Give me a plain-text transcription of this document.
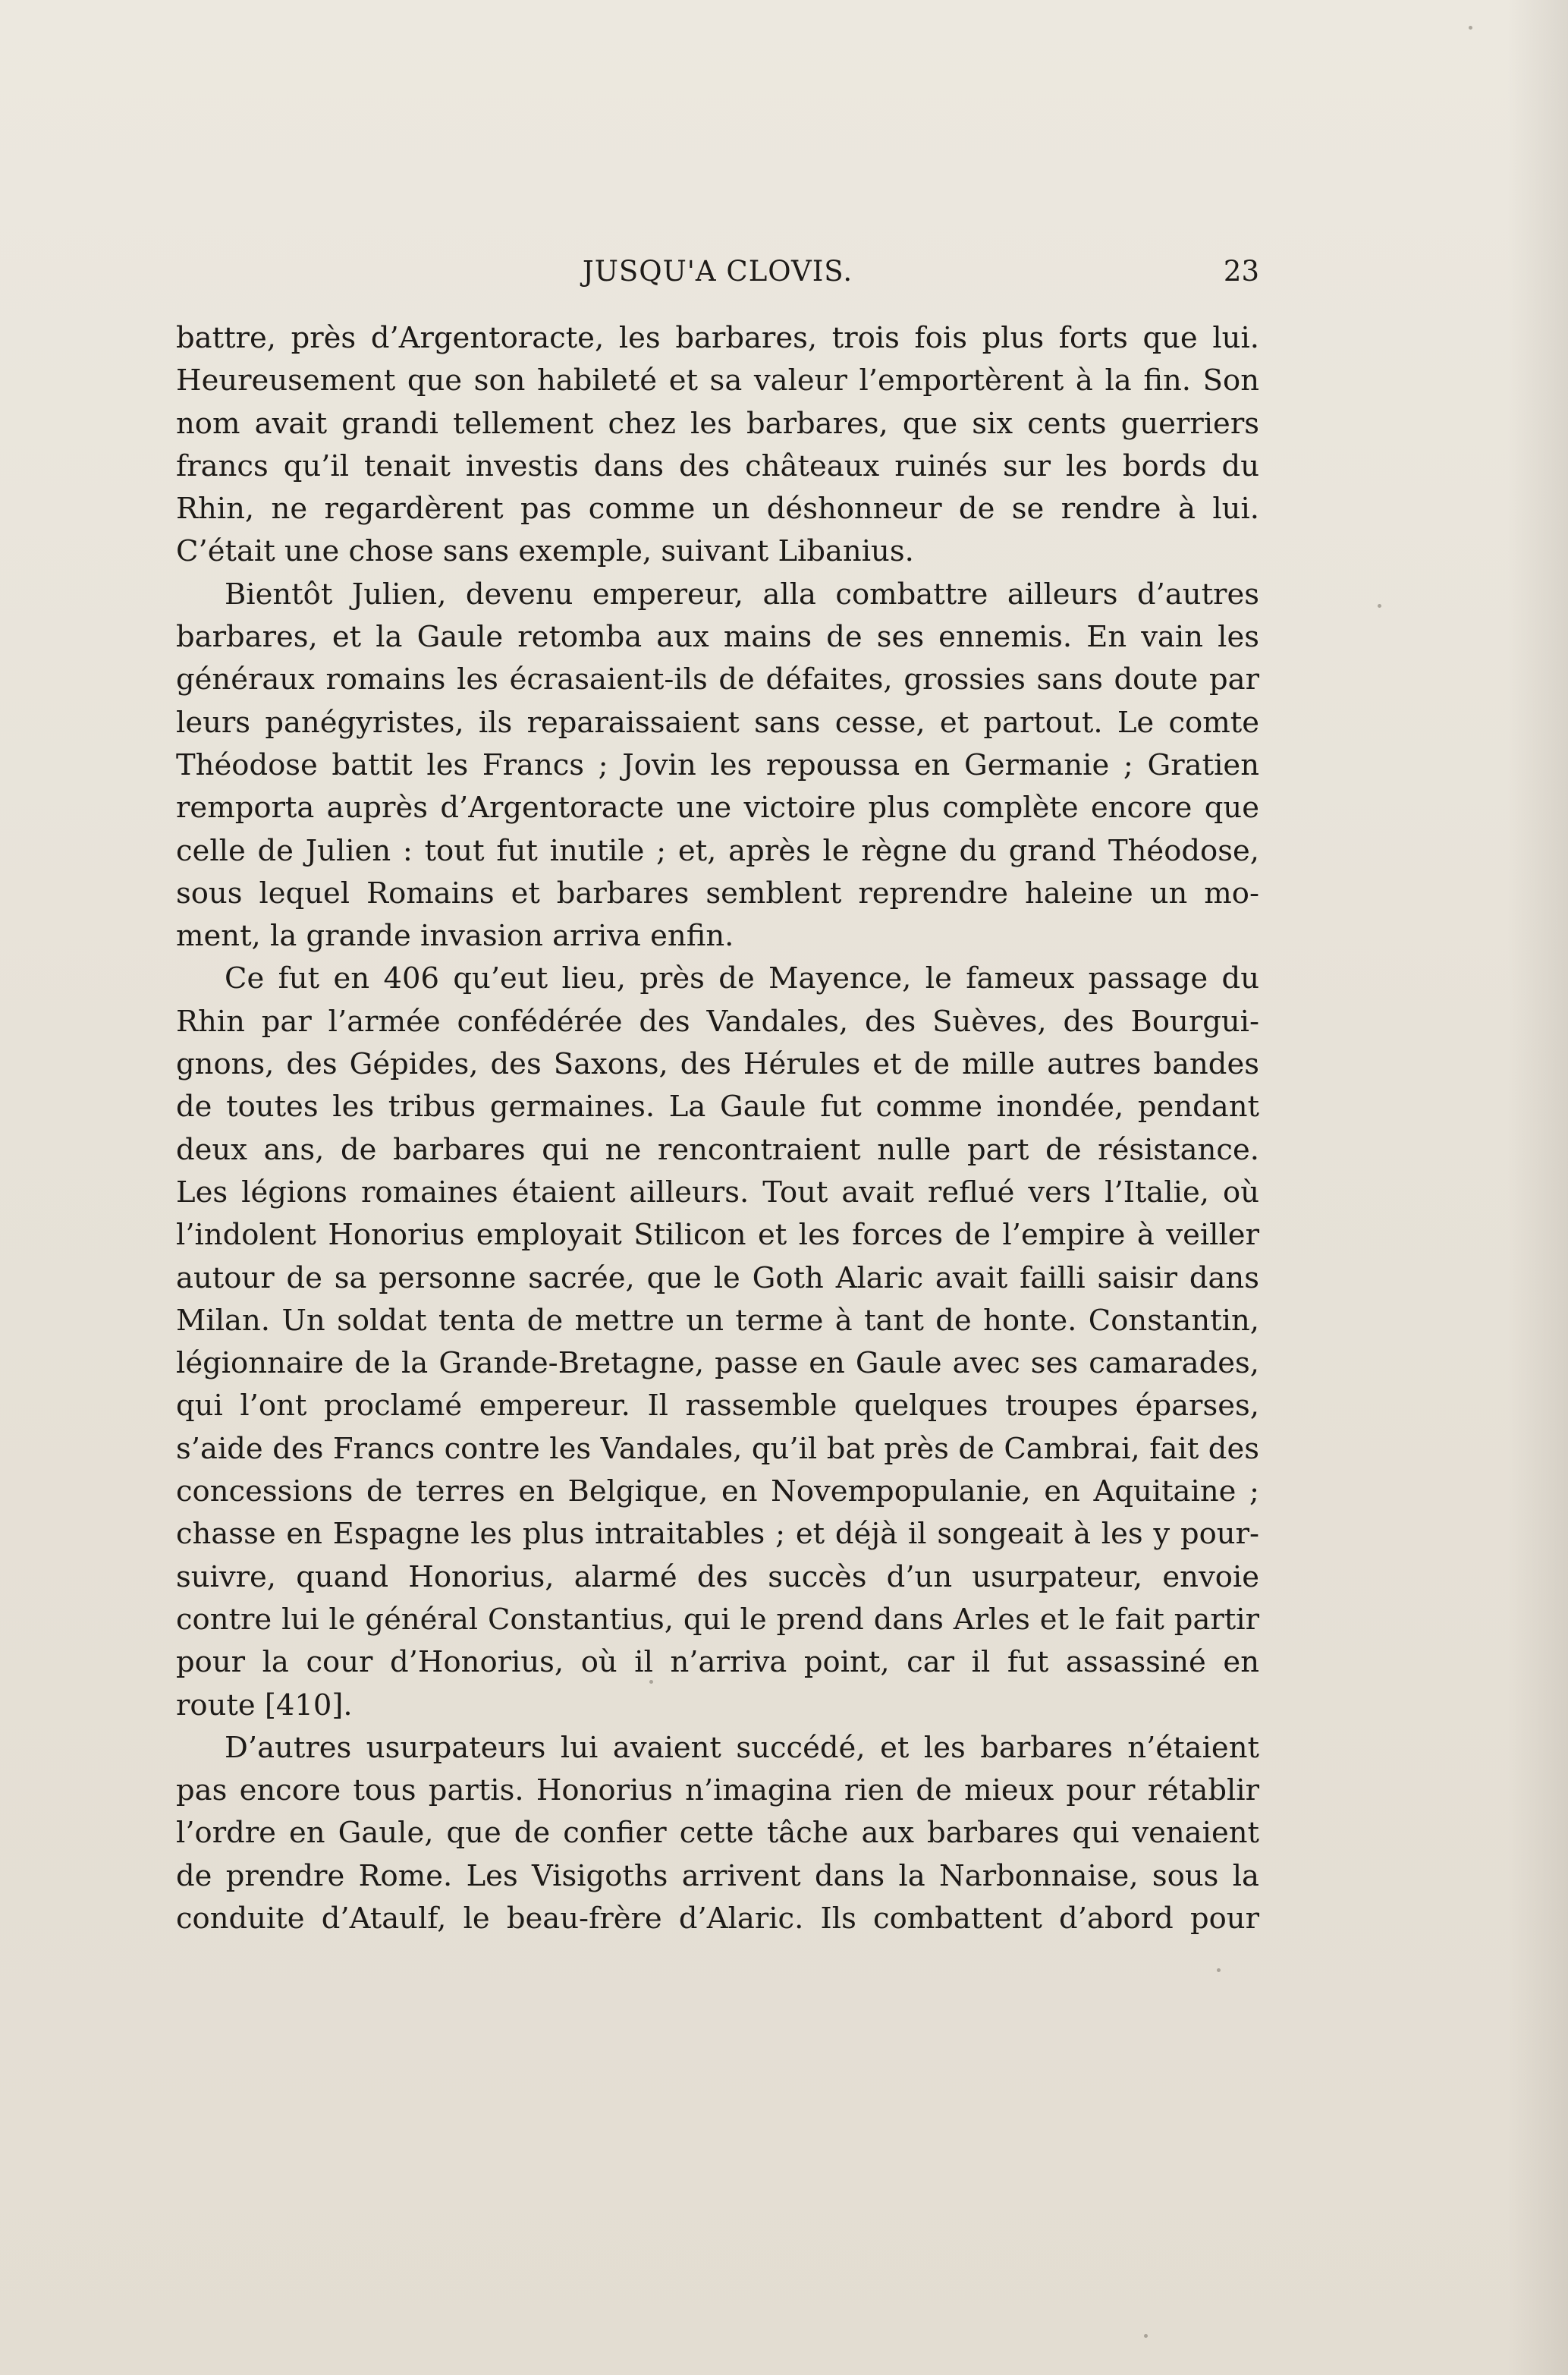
JUSQU'A CLOVIS.	23
battre, près d’Argentoracte, les barbares, trois fois plus forts que lui.
Heureusement que son habileté et sa valeur l’emportèrent à la fin. Son
nom avait grandi tellement chez les barbares, que six cents guerriers
francs qu’il tenait investis dans des châteaux ruinés sur les bords du
Rhin, ne regardèrent pas comme un déshonneur de se rendre à lui.
C’était une chose sans exemple, suivant Libanius.
Bientôt Julien, devenu empereur, alla combattre ailleurs d’autres
barbares, et la Gaule retomba aux mains de ses ennemis. En vain les
généraux romains les écrasaient-ils de défaites, grossies sans doute par
leurs panégyristes, ils reparaissaient sans cesse, et partout. Le comte
Théodose battit les Francs ; Jovin les repoussa en Germanie ; Gratien
remporta auprès d’Argentoracte une victoire plus complète encore que
celle de Julien : tout fut inutile ; et, après le règne du grand Théodose,
sous lequel Romains et barbares semblent reprendre haleine un mo-
ment, la grande invasion arriva enfin.
Ce fut en 406 qu’eut lieu, près de Mayence, le fameux passage du
Rhin par l’armée confédérée des Vandales, des Suèves, des Bourgui-
gnons, des Gépides, des Saxons, des Hérules et de mille autres bandes
de toutes les tribus germaines. La Gaule fut comme inondée, pendant
deux ans, de barbares qui ne rencontraient nulle part de résistance.
Les légions romaines étaient ailleurs. Tout avait reflué vers l’Italie, où
l’indolent Honorius employait Stilicon et les forces de l’empire à veiller
autour de sa personne sacrée, que le Goth Alaric avait failli saisir dans
Milan. Un soldat tenta de mettre un terme à tant de honte. Constantin,
légionnaire de la Grande-Bretagne, passe en Gaule avec ses camarades,
qui l’ont proclamé empereur. Il rassemble quelques troupes éparses,
s’aide des Francs contre les Vandales, qu’il bat près de Cambrai, fait des
concessions de terres en Belgique, en Novempopulanie, en Aquitaine ;
chasse en Espagne les plus intraitables ; et déjà il songeait à les y pour-
suivre, quand Honorius, alarmé des succès d’un usurpateur, envoie
contre lui le général Constantius, qui le prend dans Arles et le fait partir
pour la cour d’Honorius, où il n’arriva point, car il fut assassiné en
route [410].
D’autres usurpateurs lui avaient succédé, et les barbares n’étaient
pas encore tous partis. Honorius n’imagina rien de mieux pour rétablir
l’ordre en Gaule, que de confier cette tâche aux barbares qui venaient
de prendre Rome. Les Visigoths arrivent dans la Narbonnaise, sous la
conduite d’Ataulf, le beau-frère d’Alaric. Ils combattent d’abord pour
